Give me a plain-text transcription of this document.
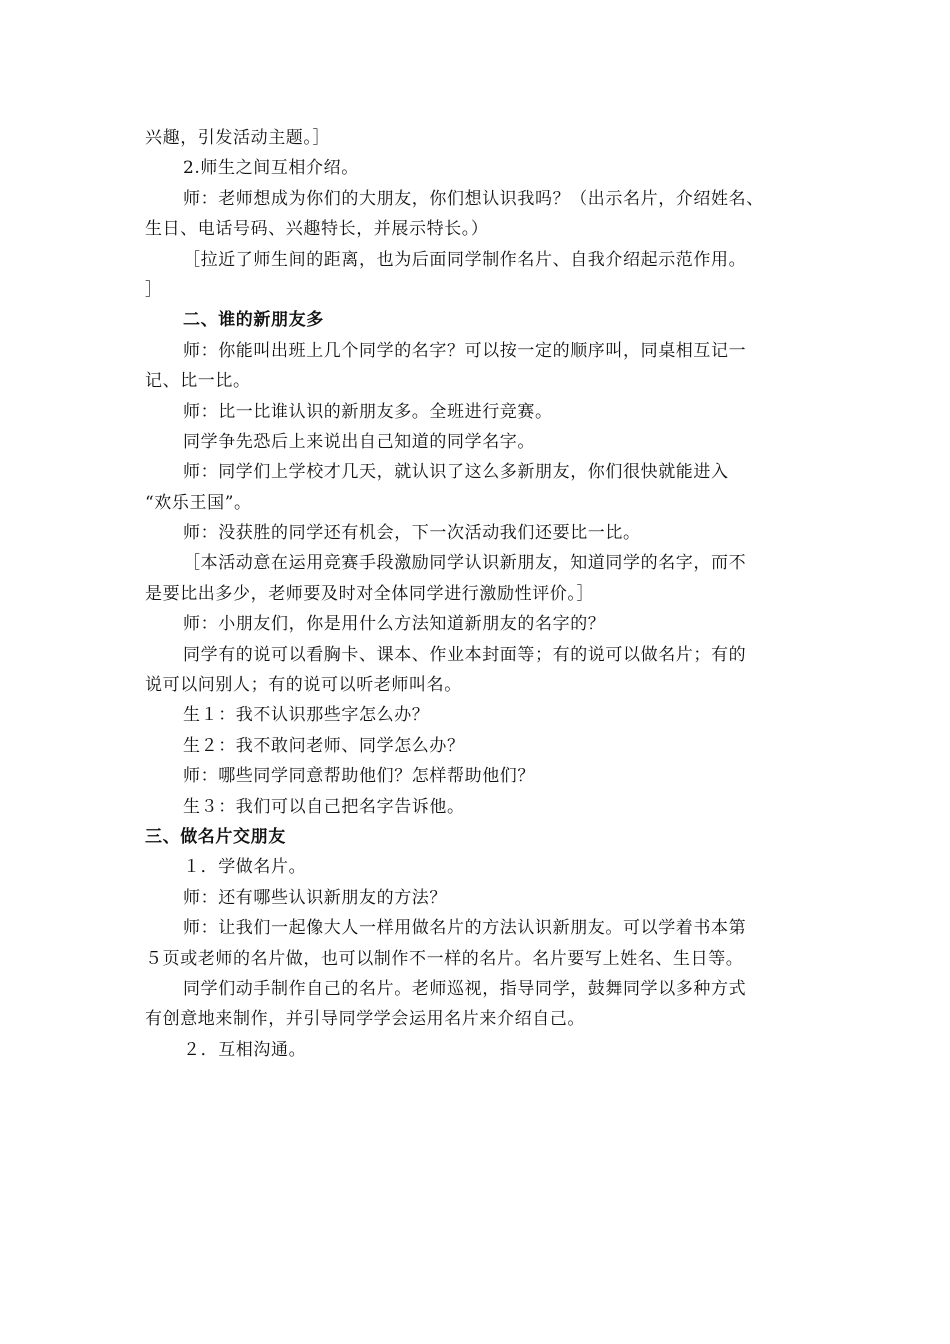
兴趣，引发活动主题。］
2.师生之间互相介绍。
师：老师想成为你们的大朋友，你们想认识我吗？（出示名片，介绍姓名、
生日、电话号码、兴趣特长，并展示特长。）
［拉近了师生间的距离，也为后面同学制作名片、自我介绍起示范作用。
］
二、谁的新朋友多
师：你能叫出班上几个同学的名字？可以按一定的顺序叫，同桌相互记一
记、比一比。
师：比一比谁认识的新朋友多。全班进行竞赛。
同学争先恐后上来说出自己知道的同学名字。
师：同学们上学校才几天，就认识了这么多新朋友，你们很快就能进入
“欢乐王国”。
师：没获胜的同学还有机会，下一次活动我们还要比一比。
［本活动意在运用竞赛手段激励同学认识新朋友，知道同学的名字，而不
是要比出多少，老师要及时对全体同学进行激励性评价。］
师：小朋友们，你是用什么方法知道新朋友的名字的？
同学有的说可以看胸卡、课本、作业本封面等；有的说可以做名片；有的
说可以问别人；有的说可以听老师叫名。
生１：我不认识那些字怎么办？
生２：我不敢问老师、同学怎么办？
师：哪些同学同意帮助他们？怎样帮助他们？
生３：我们可以自己把名字告诉他。
三、做名片交朋友
１．学做名片。
师：还有哪些认识新朋友的方法？
师：让我们一起像大人一样用做名片的方法认识新朋友。可以学着书本第
５页或老师的名片做，也可以制作不一样的名片。名片要写上姓名、生日等。
同学们动手制作自己的名片。老师巡视，指导同学，鼓舞同学以多种方式
有创意地来制作，并引导同学学会运用名片来介绍自己。
２．互相沟通。
